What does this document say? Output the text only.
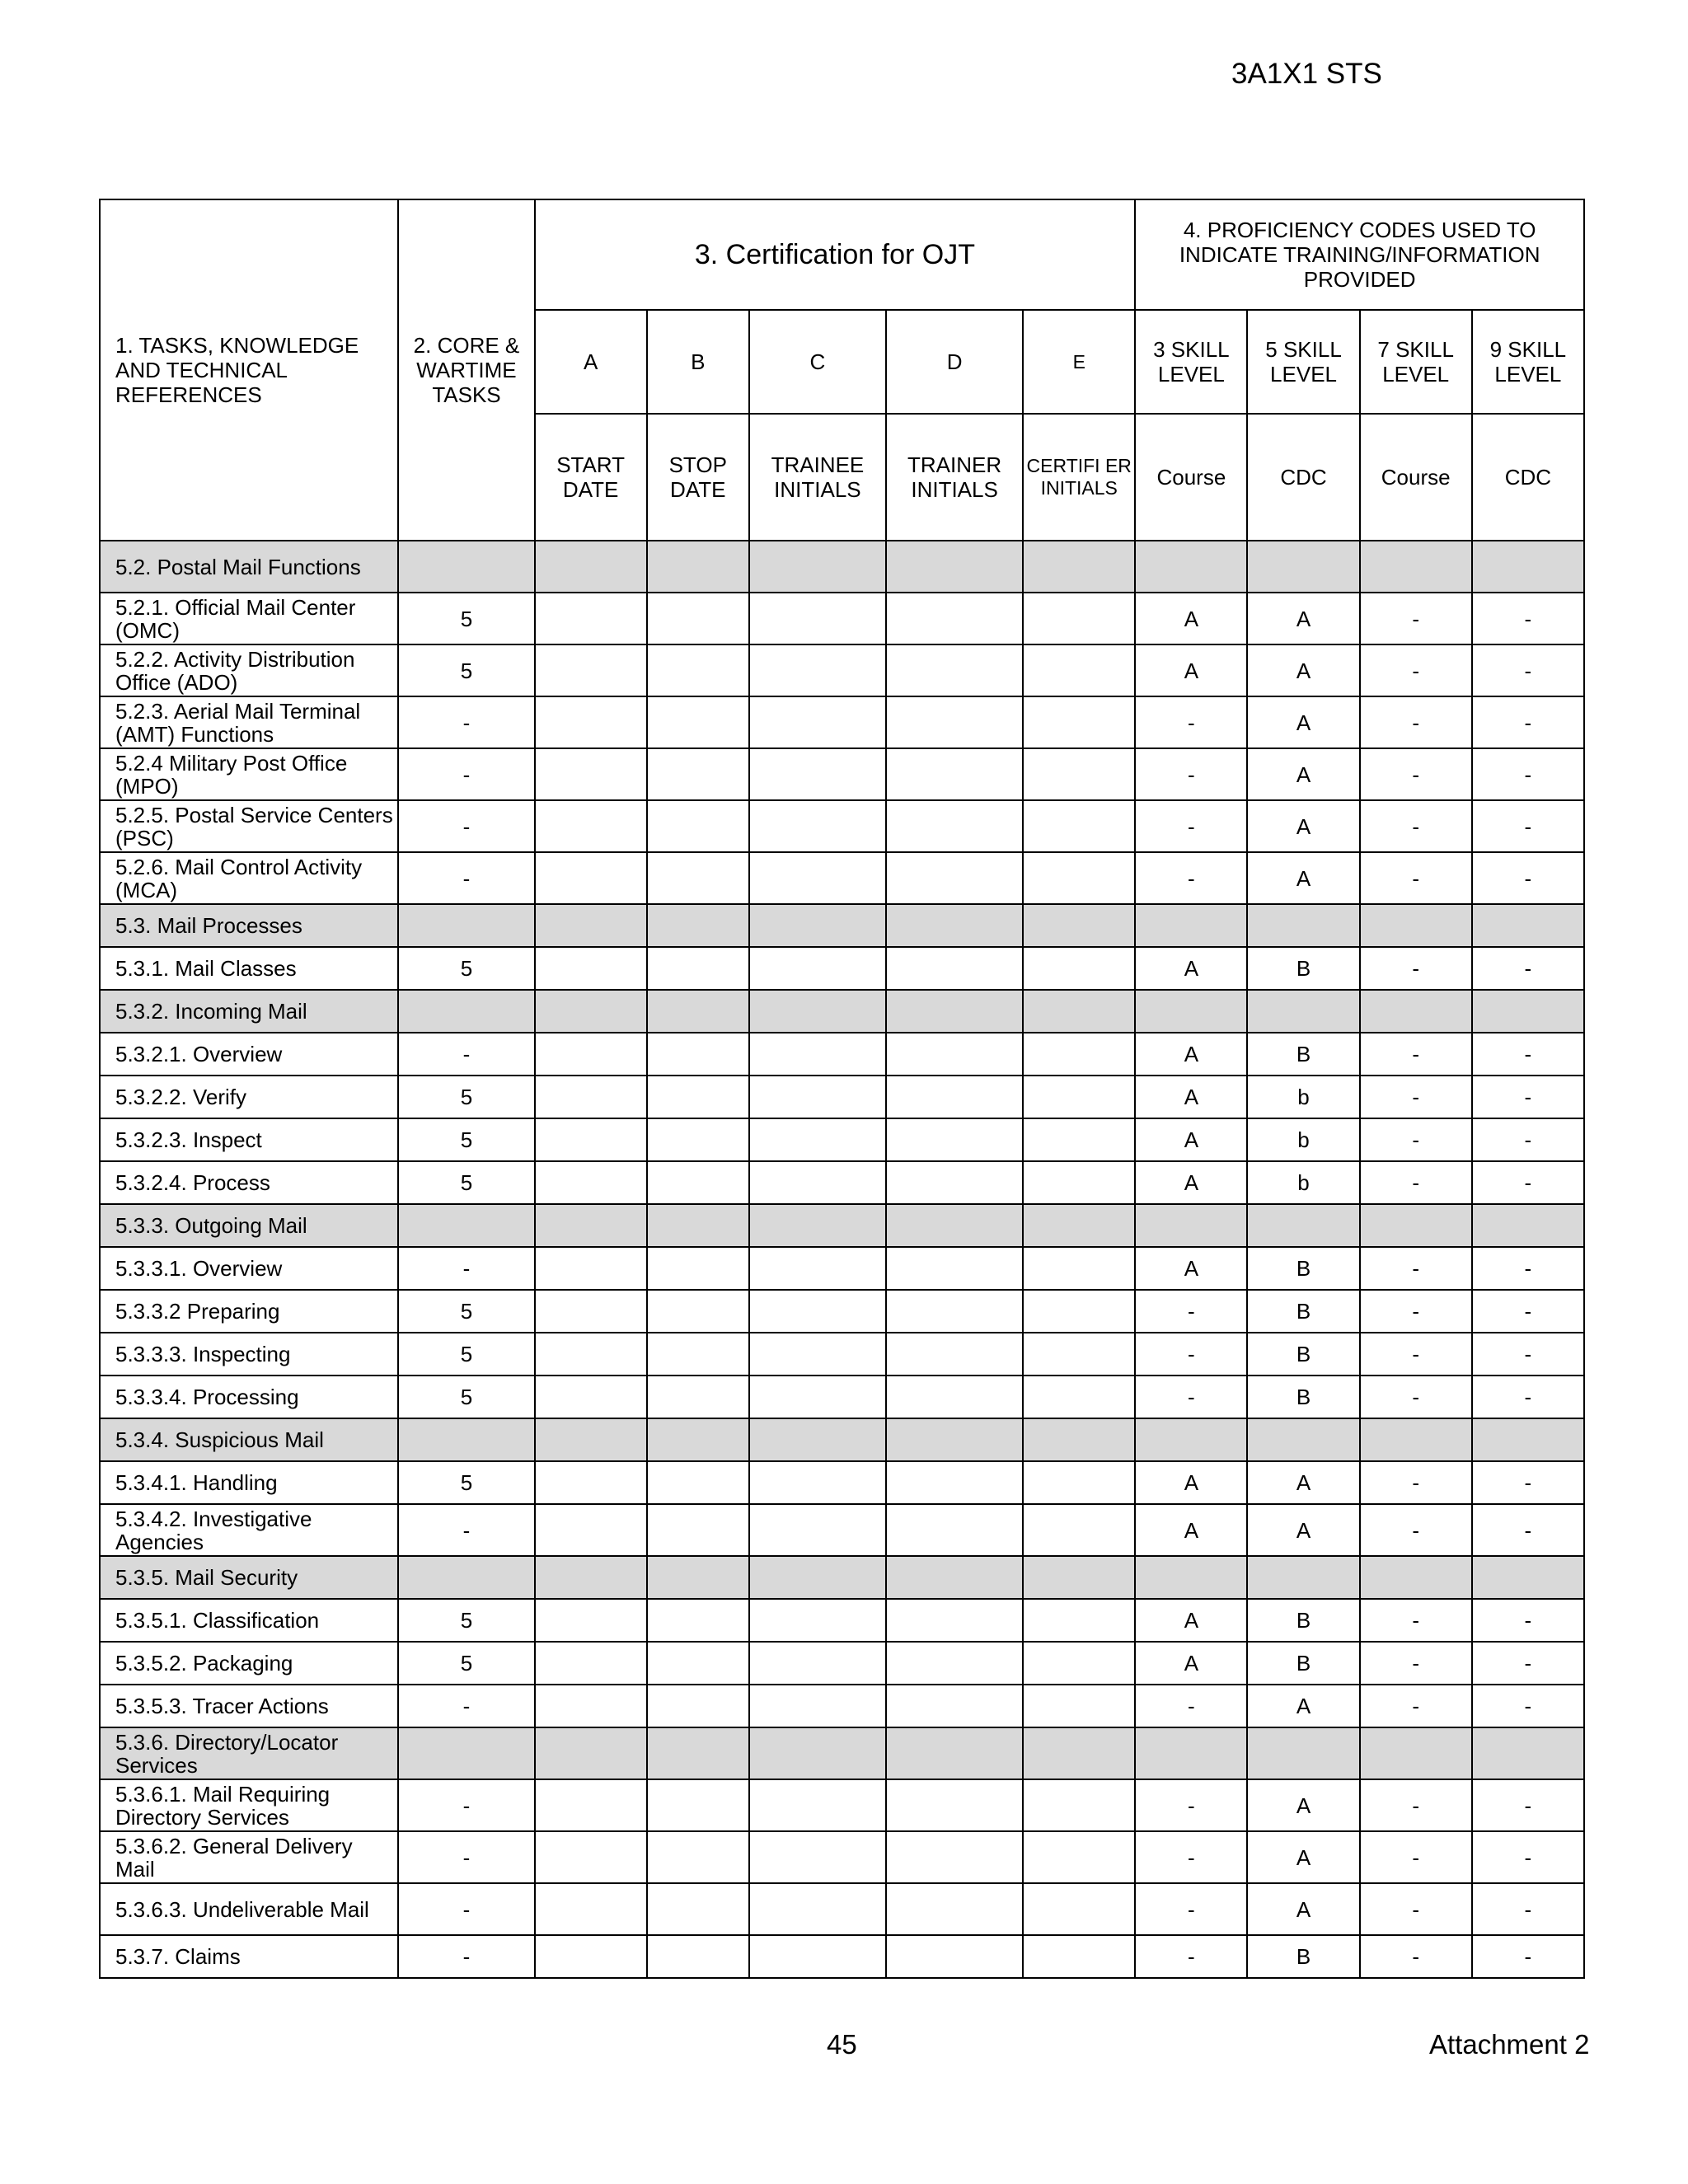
3A1X1 STS
1. TASKS, KNOWLEDGE AND TECHNICAL REFERENCES	2. CORE & WARTIME TASKS	3. Certification for OJT					4. PROFICIENCY CODES USED TO INDICATE TRAINING/INFORMATION PROVIDED			
		A	B	C	D	E	3 SKILL LEVEL	5 SKILL LEVEL	7 SKILL LEVEL	9 SKILL LEVEL
		START DATE	STOP DATE	TRAINEE INITIALS	TRAINER INITIALS	CERTIFI ER INITIALS	Course	CDC	Course	CDC
5.2. Postal Mail Functions										
5.2.1. Official Mail Center (OMC)	5						A	A	-	-
5.2.2. Activity Distribution Office (ADO)	5						A	A	-	-
5.2.3. Aerial Mail Terminal (AMT) Functions	-						-	A	-	-
5.2.4 Military Post Office (MPO)	-						-	A	-	-
5.2.5. Postal Service Centers (PSC)	-						-	A	-	-
5.2.6. Mail Control Activity (MCA)	-						-	A	-	-
5.3. Mail Processes										
5.3.1. Mail Classes	5						A	B	-	-
5.3.2. Incoming Mail										
5.3.2.1. Overview	-						A	B	-	-
5.3.2.2. Verify	5						A	b	-	-
5.3.2.3. Inspect	5						A	b	-	-
5.3.2.4. Process	5						A	b	-	-
5.3.3. Outgoing Mail										
5.3.3.1. Overview	-						A	B	-	-
5.3.3.2 Preparing	5						-	B	-	-
5.3.3.3. Inspecting	5						-	B	-	-
5.3.3.4. Processing	5						-	B	-	-
5.3.4. Suspicious Mail										
5.3.4.1. Handling	5						A	A	-	-
5.3.4.2. Investigative Agencies	-						A	A	-	-
5.3.5. Mail Security										
5.3.5.1. Classification	5						A	B	-	-
5.3.5.2. Packaging	5						A	B	-	-
5.3.5.3. Tracer Actions	-						-	A	-	-
5.3.6. Directory/Locator Services										
5.3.6.1. Mail Requiring Directory Services	-						-	A	-	-
5.3.6.2. General Delivery Mail	-						-	A	-	-
5.3.6.3. Undeliverable Mail	-						-	A	-	-
5.3.7. Claims	-						-	B	-	-
45	Attachment 2
